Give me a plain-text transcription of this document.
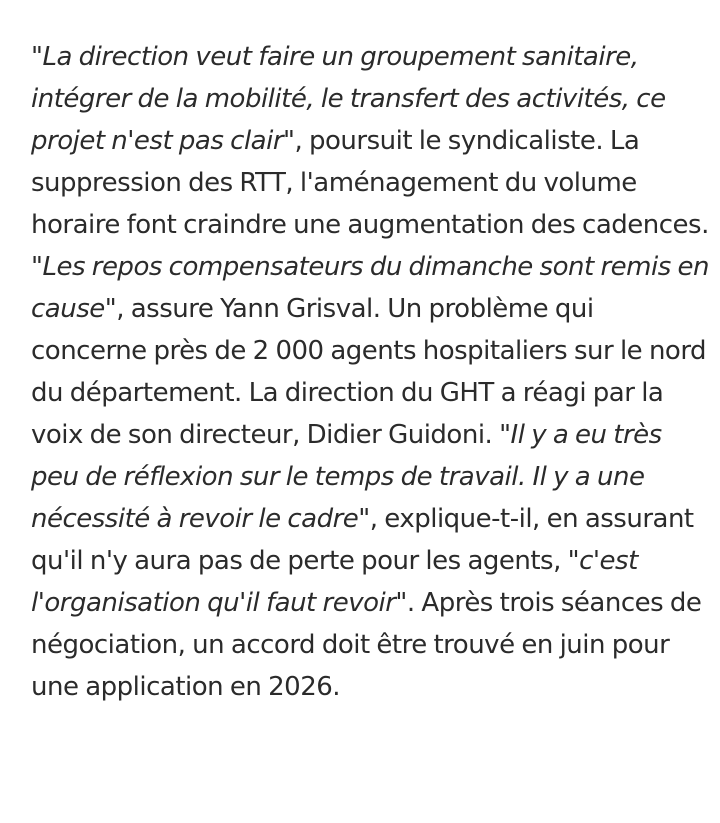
"La direction veut faire un groupement sanitaire, intégrer de la mobilité, le transfert des activités, ce projet n'est pas clair", poursuit le syndicaliste. La suppression des RTT, l'aménagement du volume horaire font craindre une augmentation des cadences. "Les repos compensateurs du dimanche sont remis en cause", assure Yann Grisval. Un problème qui concerne près de 2 000 agents hospitaliers sur le nord du département. La direction du GHT a réagi par la voix de son directeur, Didier Guidoni. "Il y a eu très peu de réflexion sur le temps de travail. Il y a une nécessité à revoir le cadre", explique-t-il, en assurant qu'il n'y aura pas de perte pour les agents, "c'est l'organisation qu'il faut revoir". Après trois séances de négociation, un accord doit être trouvé en juin pour une application en 2026.
